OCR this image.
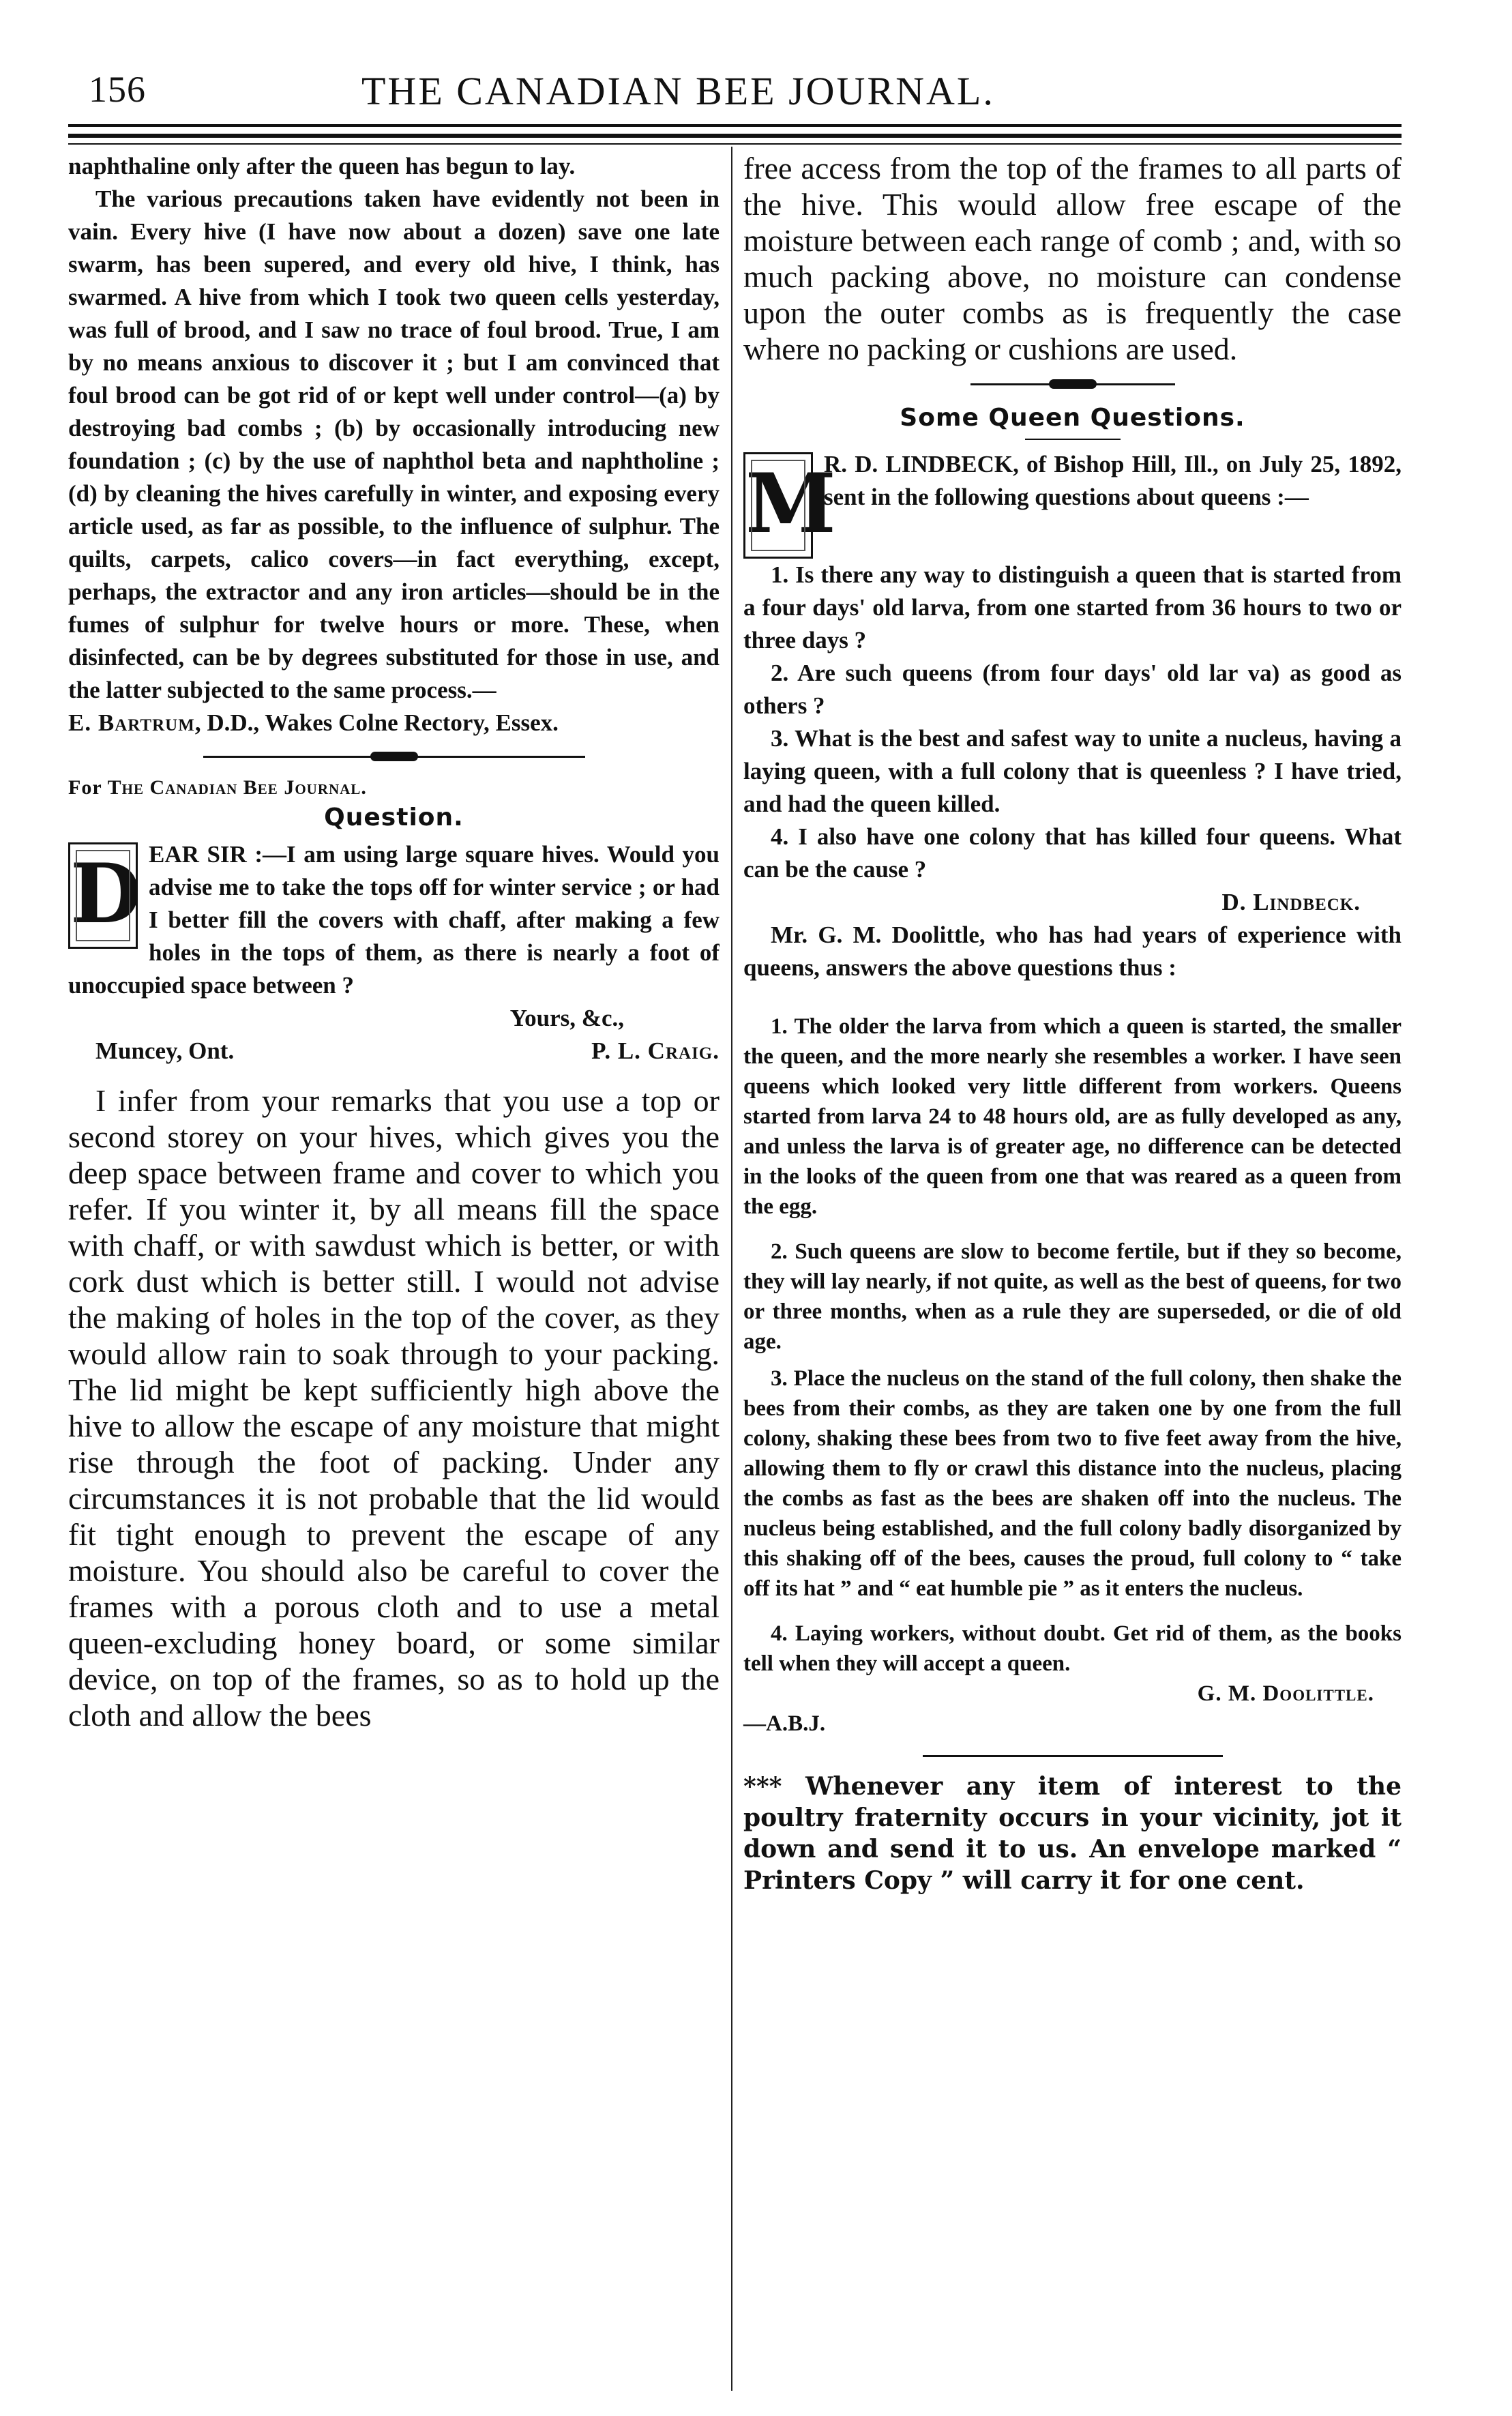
156	THE CANADIAN BEE JOURNAL.

naphthaline only after the queen has begun to lay.

The various precautions taken have evidently not been in vain. Every hive (I have now about a dozen) save one late swarm, has been supered, and every old hive, I think, has swarmed. A hive from which I took two queen cells yesterday, was full of brood, and I saw no trace of foul brood. True, I am by no means anxious to discover it ; but I am convinced that foul brood can be got rid of or kept well under control—(a) by destroying bad combs ; (b) by occasionally introducing new foundation ; (c) by the use of naphthol beta and naphtholine ; (d) by cleaning the hives carefully in winter, and exposing every article used, as far as possible, to the influence of sulphur. The quilts, carpets, calico covers—in fact everything, except, perhaps, the extractor and any iron articles—should be in the fumes of sulphur for twelve hours or more. These, when disinfected, can be by degrees substituted for those in use, and the latter subjected to the same process.—

E. Bartrum, D.D., Wakes Colne Rectory, Essex.

For The Canadian Bee Journal.

Question.
D EAR SIR :—I am using large square hives. Would you advise me to take the tops off for winter service ; or had I better fill the covers with chaff, after making a few holes in the tops of them, as there is nearly a foot of unoccupied space between ?

Yours, &c.,

Muncey, Ont.	P. L. Craig.

I infer from your remarks that you use a top or second storey on your hives, which gives you the deep space between frame and cover to which you refer. If you winter it, by all means fill the space with chaff, or with sawdust which is better, or with cork dust which is better still. I would not advise the making of holes in the top of the cover, as they would allow rain to soak through to your packing. The lid might be kept sufficiently high above the hive to allow the escape of any moisture that might rise through the foot of packing. Under any circumstances it is not probable that the lid would fit tight enough to prevent the escape of any moisture. You should also be careful to cover the frames with a porous cloth and to use a metal queen-excluding honey board, or some similar device, on top of the frames, so as to hold up the cloth and allow the bees

free access from the top of the frames to all parts of the hive. This would allow free escape of the moisture between each range of comb ; and, with so much packing above, no moisture can condense upon the outer combs as is frequently the case where no packing or cushions are used.

Some Queen Questions.
M

R. D. LINDBECK, of Bishop Hill, Ill., on July 25, 1892, sent in the following questions about queens :—

1. Is there any way to distinguish a queen that is started from a four days' old larva, from one started from 36 hours to two or three days ?

2. Are such queens (from four days' old lar va) as good as others ?

3. What is the best and safest way to unite a nucleus, having a laying queen, with a full colony that is queenless ? I have tried, and had the queen killed.

4. I also have one colony that has killed four queens. What can be the cause ?

D. Lindbeck.

Mr. G. M. Doolittle, who has had years of experience with queens, answers the above questions thus :

1. The older the larva from which a queen is started, the smaller the queen, and the more nearly she resembles a worker. I have seen queens which looked very little different from workers. Queens started from larva 24 to 48 hours old, are as fully developed as any, and unless the larva is of greater age, no difference can be detected in the looks of the queen from one that was reared as a queen from the egg.

2. Such queens are slow to become fertile, but if they so become, they will lay nearly, if not quite, as well as the best of queens, for two or three months, when as a rule they are superseded, or die of old age.

3. Place the nucleus on the stand of the full colony, then shake the bees from their combs, as they are taken one by one from the full colony, shaking these bees from two to five feet away from the hive, allowing them to fly or crawl this distance into the nucleus, placing the combs as fast as the bees are shaken off into the nucleus. The nucleus being established, and the full colony badly disorganized by this shaking off of the bees, causes the proud, full colony to “ take off its hat ” and “ eat humble pie ” as it enters the nucleus.

4. Laying workers, without doubt. Get rid of them, as the books tell when they will accept a queen.

G. M. Doolittle.

—A.B.J.

*** Whenever any item of interest to the poultry fraternity occurs in your vicinity, jot it down and send it to us. An envelope marked “ Printers Copy ” will carry it for one cent.
